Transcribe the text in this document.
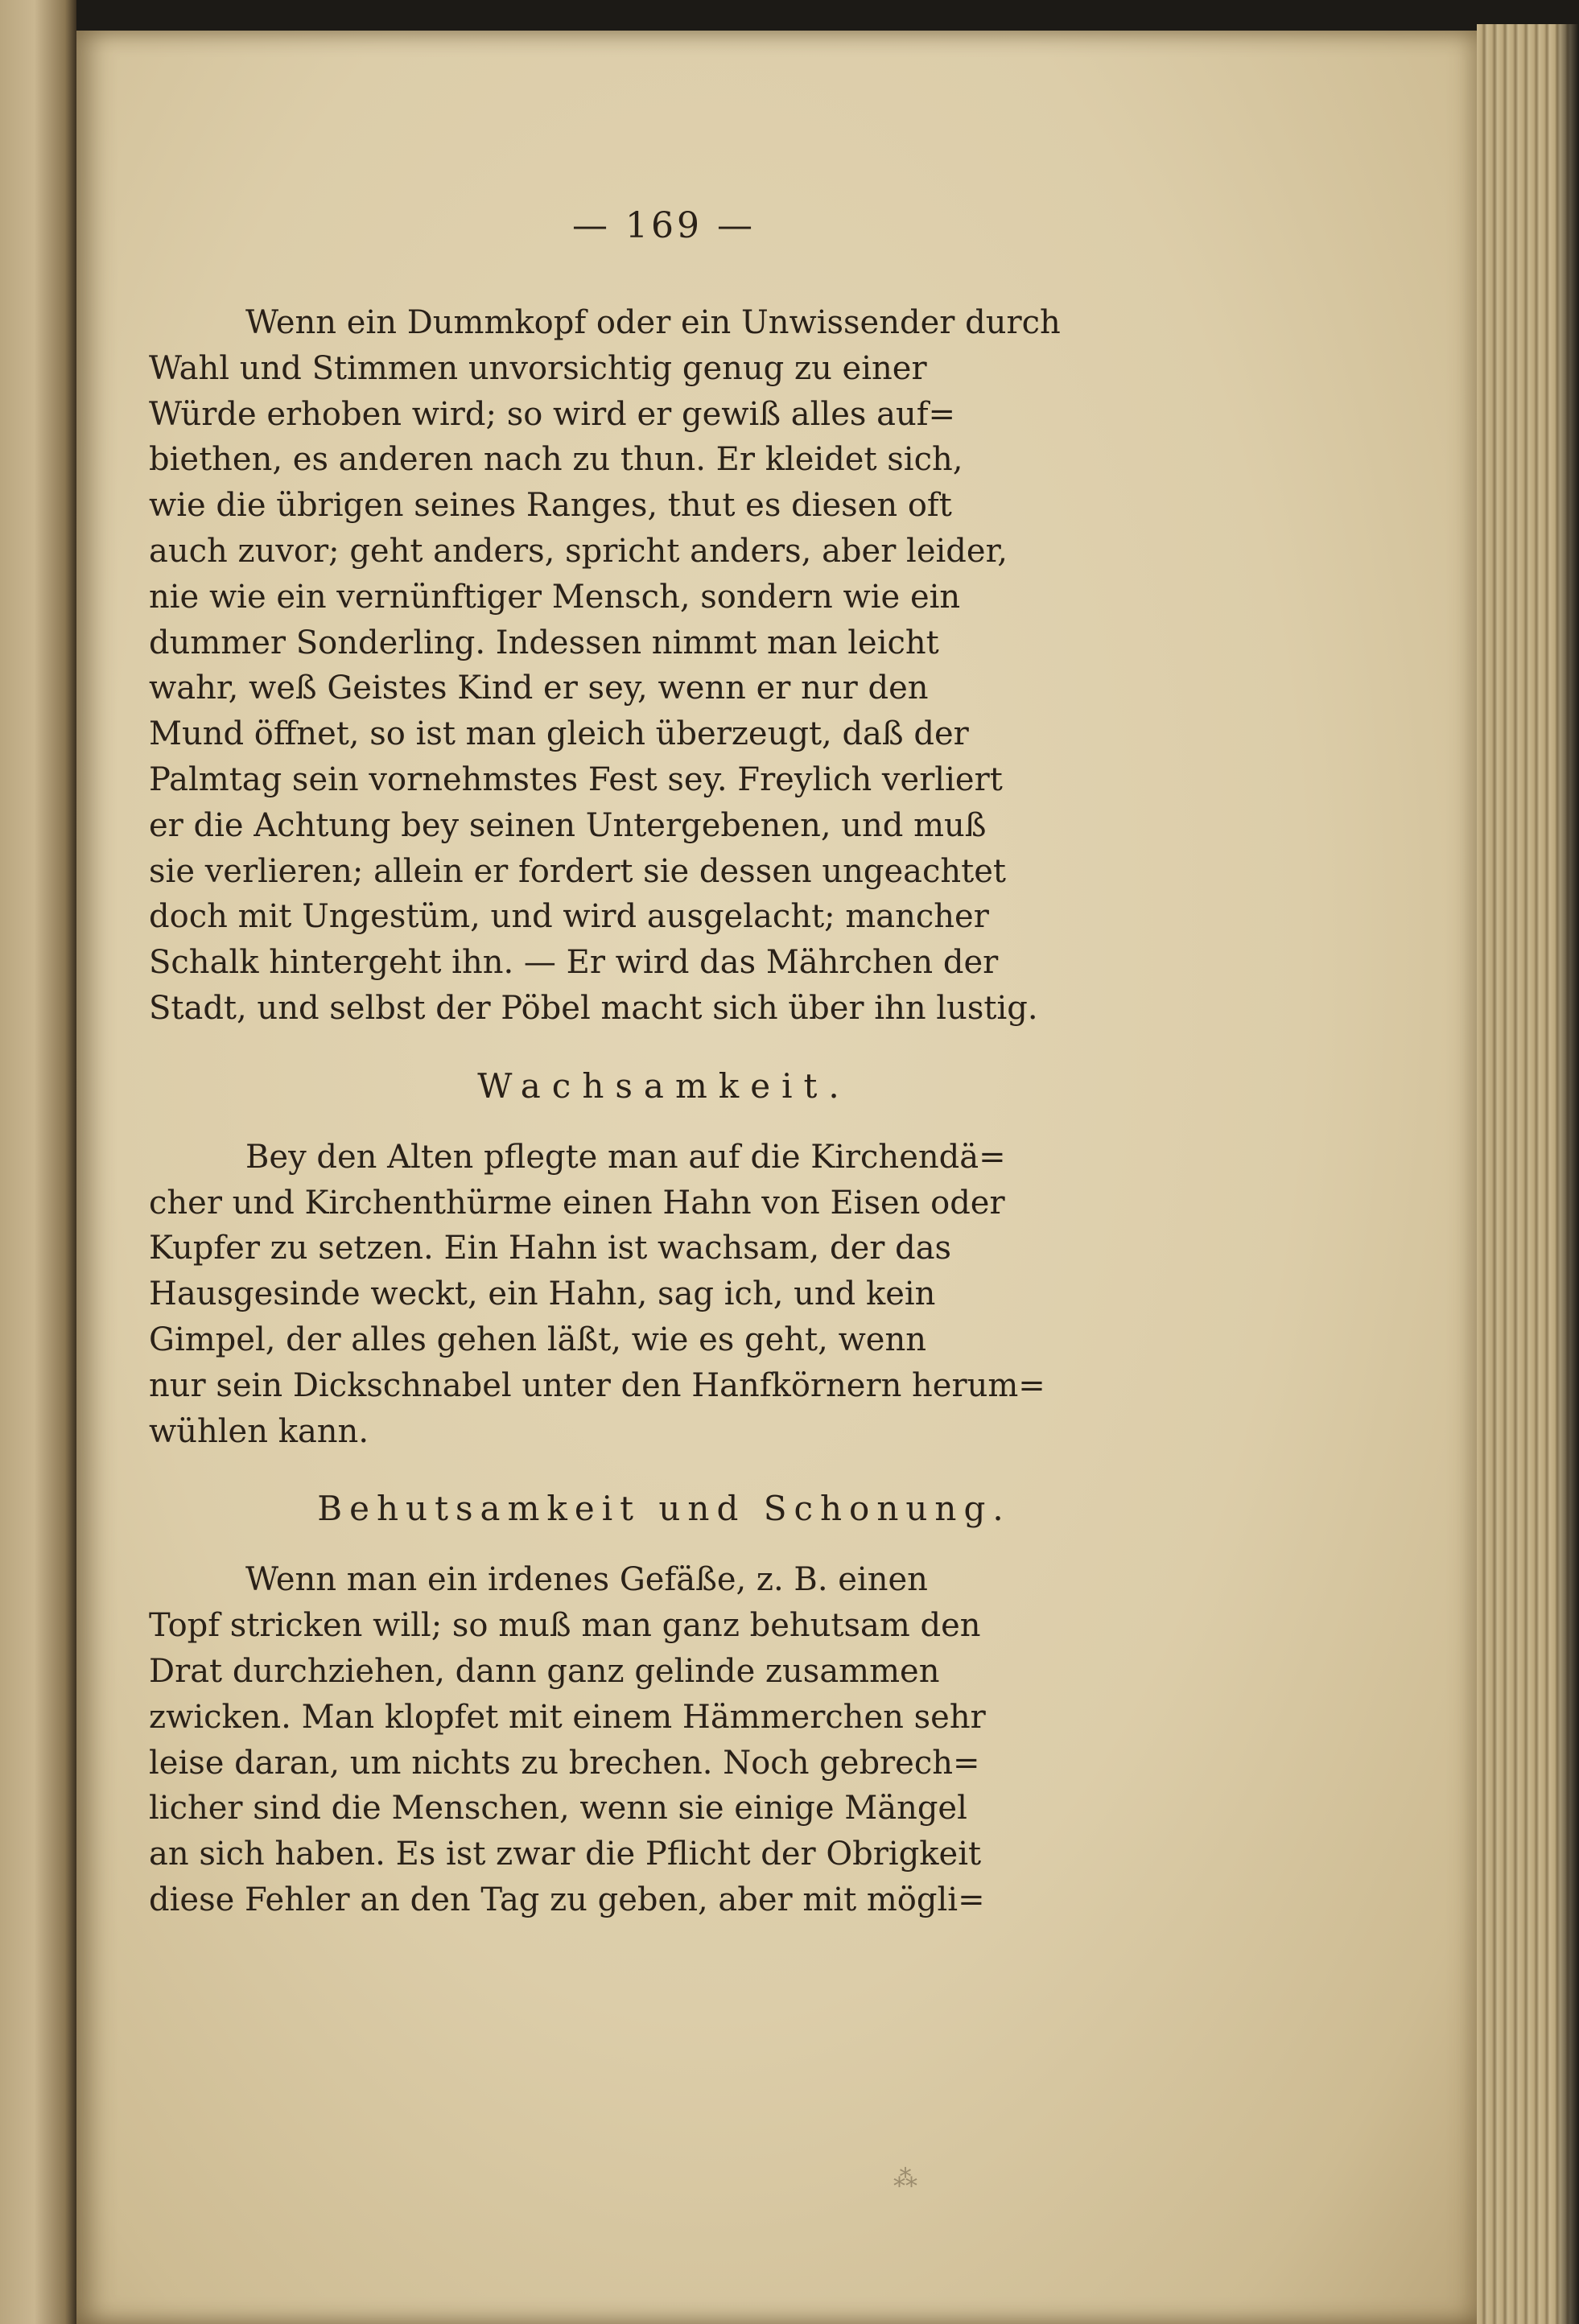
— 169 —
Wenn ein Dummkopf oder ein Unwissender durch
Wahl und Stimmen unvorsichtig genug zu einer
Würde erhoben wird; so wird er gewiß alles auf=
biethen, es anderen nach zu thun. Er kleidet sich,
wie die übrigen seines Ranges, thut es diesen oft
auch zuvor; geht anders, spricht anders, aber leider,
nie wie ein vernünftiger Mensch, sondern wie ein
dummer Sonderling. Indessen nimmt man leicht
wahr, weß Geistes Kind er sey, wenn er nur den
Mund öffnet, so ist man gleich überzeugt, daß der
Palmtag sein vornehmstes Fest sey. Freylich verliert
er die Achtung bey seinen Untergebenen, und muß
sie verlieren; allein er fordert sie dessen ungeachtet
doch mit Ungestüm, und wird ausgelacht; mancher
Schalk hintergeht ihn. — Er wird das Mährchen der
Stadt, und selbst der Pöbel macht sich über ihn lustig.
Wachsamkeit.
Bey den Alten pflegte man auf die Kirchendä=
cher und Kirchenthürme einen Hahn von Eisen oder
Kupfer zu setzen. Ein Hahn ist wachsam, der das
Hausgesinde weckt, ein Hahn, sag ich, und kein
Gimpel, der alles gehen läßt, wie es geht, wenn
nur sein Dickschnabel unter den Hanfkörnern herum=
wühlen kann.
Behutsamkeit und Schonung.
Wenn man ein irdenes Gefäße, z. B. einen
Topf stricken will; so muß man ganz behutsam den
Drat durchziehen, dann ganz gelinde zusammen
zwicken. Man klopfet mit einem Hämmerchen sehr
leise daran, um nichts zu brechen. Noch gebrech=
licher sind die Menschen, wenn sie einige Mängel
an sich haben. Es ist zwar die Pflicht der Obrigkeit
diese Fehler an den Tag zu geben, aber mit mögli=
⁂
